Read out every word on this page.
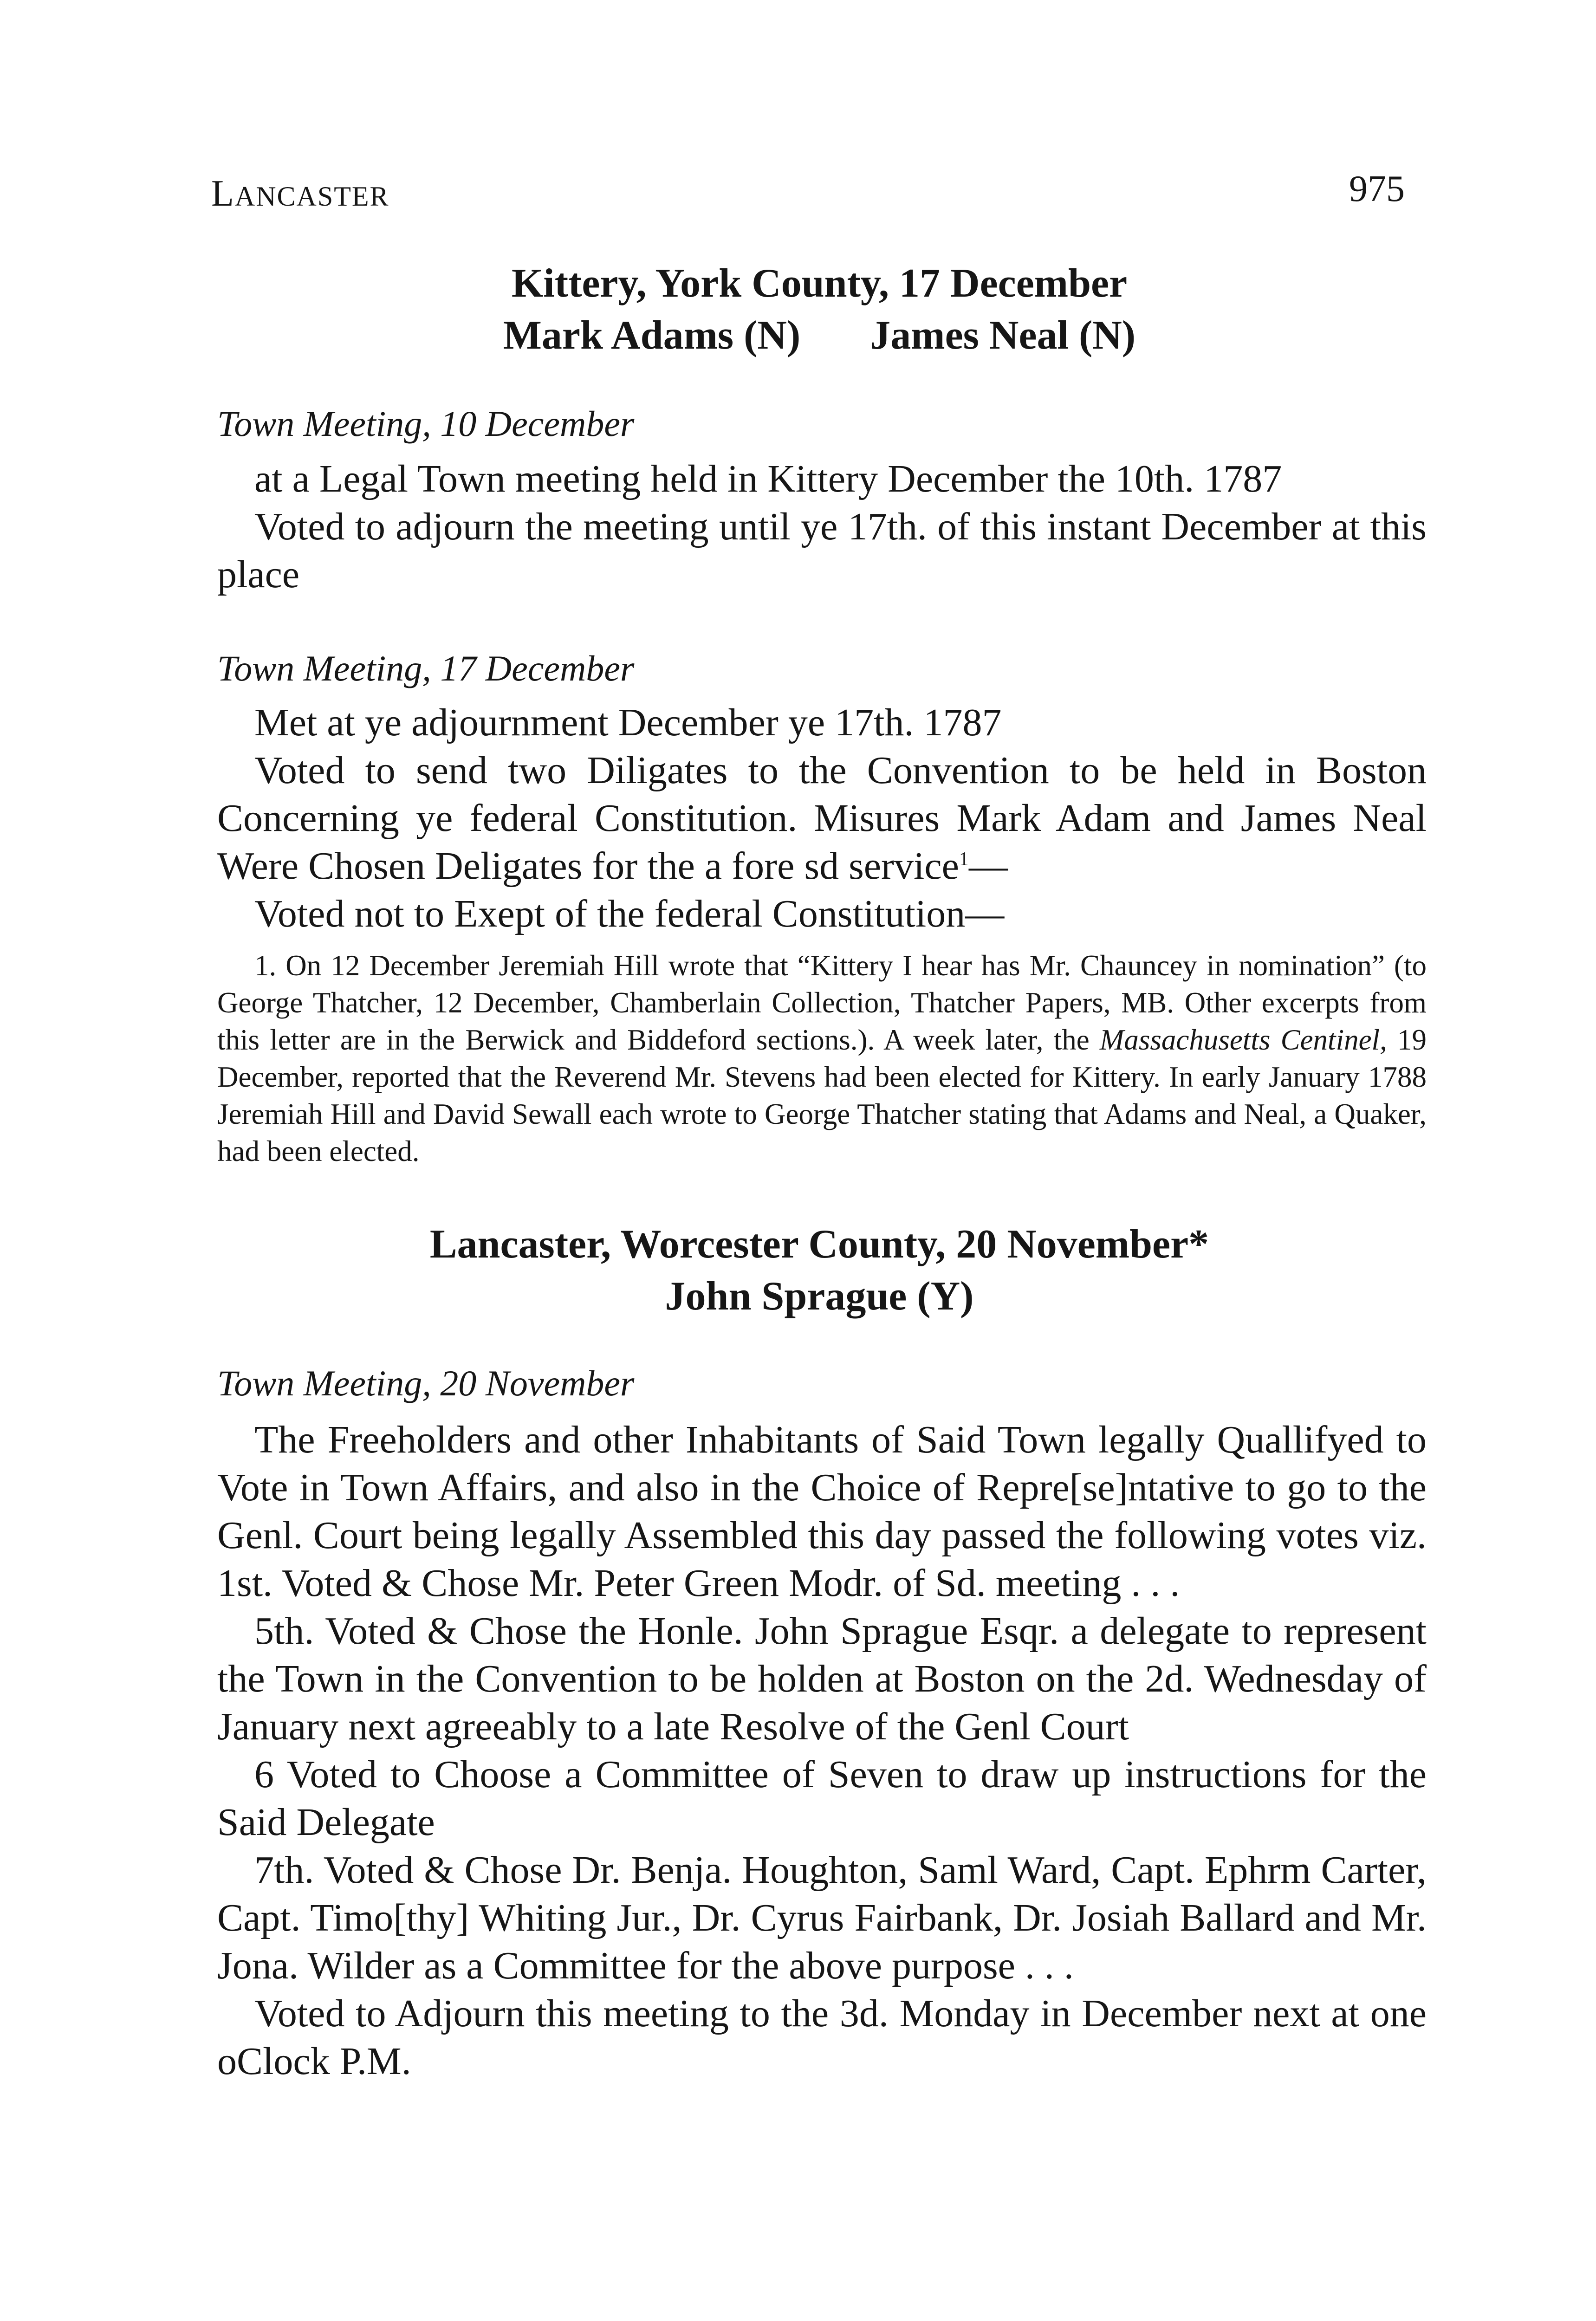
LANCASTER	975
Kittery, York County, 17 December
Mark Adams (N) James Neal (N)
Town Meeting, 10 December

at a Legal Town meeting held in Kittery December the 10th. 1787

Voted to adjourn the meeting until ye 17th. of this instant December at this place

Town Meeting, 17 December

Met at ye adjournment December ye 17th. 1787

Voted to send two Diligates to the Convention to be held in Boston Concerning ye federal Constitution. Misures Mark Adam and James Neal Were Chosen Deligates for the a fore sd service$^1$—

Voted not to Exept of the federal Constitution—

1. On 12 December Jeremiah Hill wrote that “Kittery I hear has Mr. Chauncey in nomination” (to George Thatcher, 12 December, Chamberlain Collection, Thatcher Papers, MB. Other excerpts from this letter are in the Berwick and Biddeford sections.). A week later, the Massachusetts Centinel, 19 December, reported that the Reverend Mr. Stevens had been elected for Kittery. In early January 1788 Jeremiah Hill and David Sewall each wrote to George Thatcher stating that Adams and Neal, a Quaker, had been elected.

Lancaster, Worcester County, 20 November*
John Sprague (Y)
Town Meeting, 20 November

The Freeholders and other Inhabitants of Said Town legally Quallifyed to Vote in Town Affairs, and also in the Choice of Repre[se]ntative to go to the Genl. Court being legally Assembled this day passed the following votes viz. 1st. Voted & Chose Mr. Peter Green Modr. of Sd. meeting . . .

5th. Voted & Chose the Honle. John Sprague Esqr. a delegate to represent the Town in the Convention to be holden at Boston on the 2d. Wednesday of January next agreeably to a late Resolve of the Genl Court

6 Voted to Choose a Committee of Seven to draw up instructions for the Said Delegate

7th. Voted & Chose Dr. Benja. Houghton, Saml Ward, Capt. Ephrm Carter, Capt. Timo[thy] Whiting Jur., Dr. Cyrus Fairbank, Dr. Josiah Ballard and Mr. Jona. Wilder as a Committee for the above purpose . . .

Voted to Adjourn this meeting to the 3d. Monday in December next at one oClock P.M.
